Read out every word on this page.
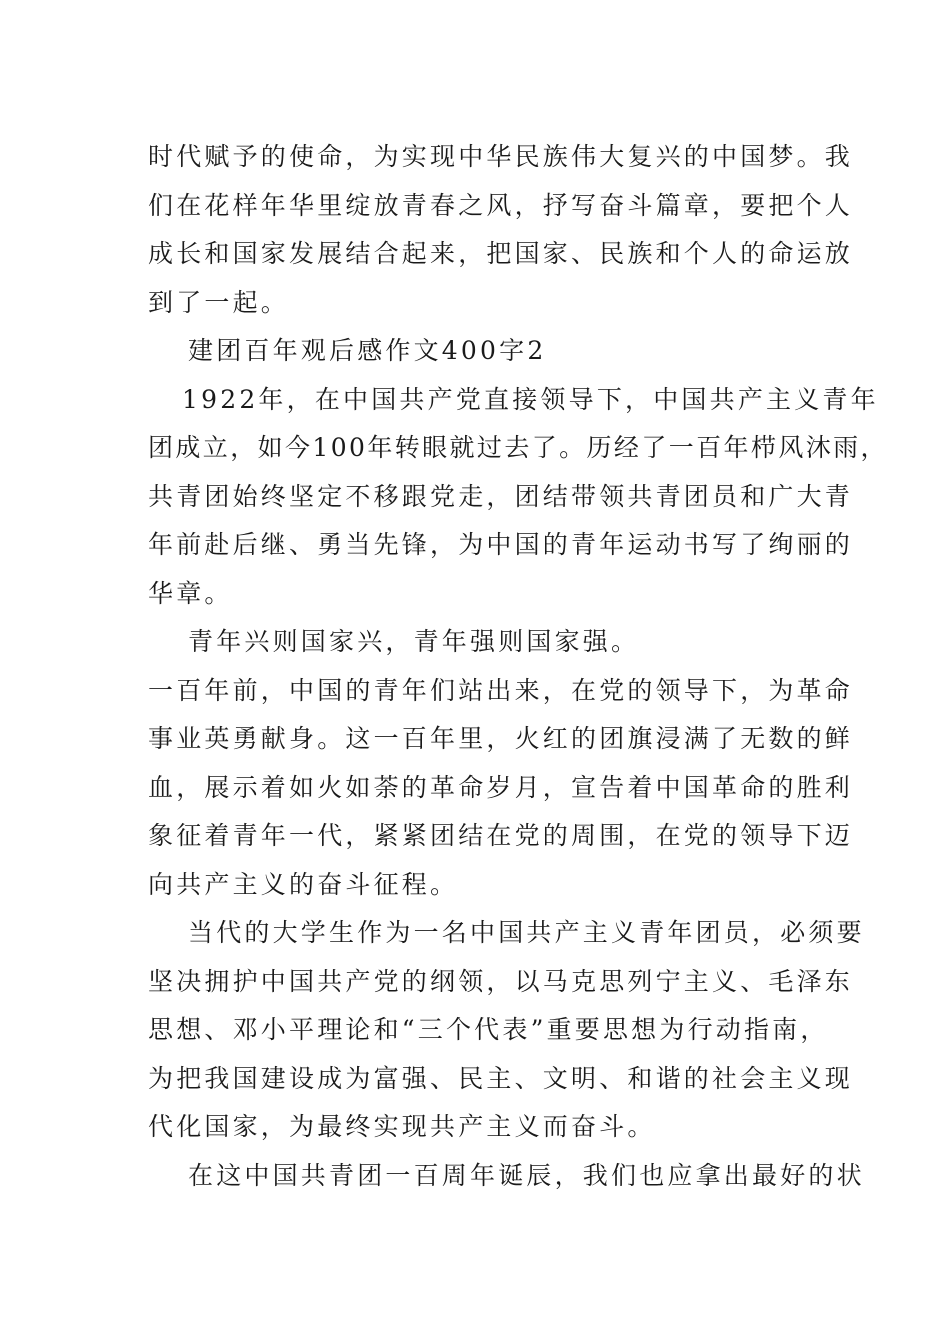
时代赋予的使命，为实现中华民族伟大复兴的中国梦。我
们在花样年华里绽放青春之风，抒写奋斗篇章，要把个人
成长和国家发展结合起来，把国家、民族和个人的命运放
到了一起。
建团百年观后感作文400字2
1922年，在中国共产党直接领导下，中国共产主义青年
团成立，如今100年转眼就过去了。历经了一百年栉风沐雨，
共青团始终坚定不移跟党走，团结带领共青团员和广大青
年前赴后继、勇当先锋，为中国的青年运动书写了绚丽的
华章。
青年兴则国家兴，青年强则国家强。
一百年前，中国的青年们站出来，在党的领导下，为革命
事业英勇献身。这一百年里，火红的团旗浸满了无数的鲜
血，展示着如火如荼的革命岁月，宣告着中国革命的胜利
象征着青年一代，紧紧团结在党的周围，在党的领导下迈
向共产主义的奋斗征程。
当代的大学生作为一名中国共产主义青年团员，必须要
坚决拥护中国共产党的纲领，以马克思列宁主义、毛泽东
思想、邓小平理论和“三个代表”重要思想为行动指南，
为把我国建设成为富强、民主、文明、和谐的社会主义现
代化国家，为最终实现共产主义而奋斗。
在这中国共青团一百周年诞辰，我们也应拿出最好的状
